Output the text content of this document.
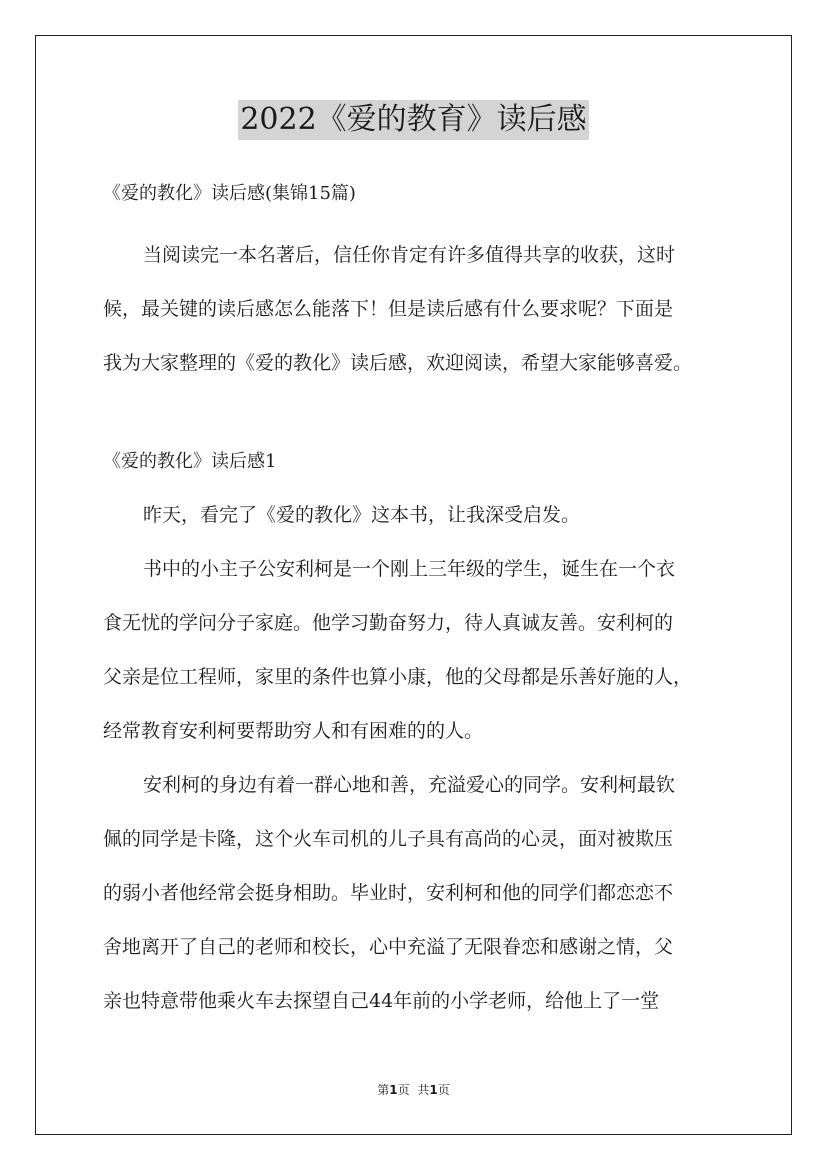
2022《爱的教育》读后感

《爱的教化》读后感(集锦15篇)

当阅读完一本名著后，信任你肯定有许多值得共享的收获，这时

候，最关键的读后感怎么能落下！但是读后感有什么要求呢？下面是

我为大家整理的《爱的教化》读后感，欢迎阅读，希望大家能够喜爱。

《爱的教化》读后感1

昨天，看完了《爱的教化》这本书，让我深受启发。

书中的小主子公安利柯是一个刚上三年级的学生，诞生在一个衣

食无忧的学问分子家庭。他学习勤奋努力，待人真诚友善。安利柯的

父亲是位工程师，家里的条件也算小康，他的父母都是乐善好施的人，

经常教育安利柯要帮助穷人和有困难的的人。

安利柯的身边有着一群心地和善，充溢爱心的同学。安利柯最钦

佩的同学是卡隆，这个火车司机的儿子具有高尚的心灵，面对被欺压

的弱小者他经常会挺身相助。毕业时，安利柯和他的同学们都恋恋不

舍地离开了自己的老师和校长，心中充溢了无限眷恋和感谢之情，父

亲也特意带他乘火车去探望自己44年前的小学老师，给他上了一堂

第1页 共1页
